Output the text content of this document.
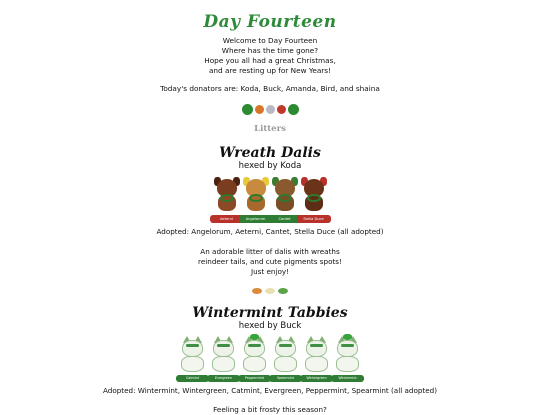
Day Fourteen
Welcome to Day Fourteen
Where has the time gone?
Hope you all had a great Christmas,
and are resting up for New Years!
Today's donators are: Koda, Buck, Amanda, Bird, and shaina
Litters
Wreath Dalis
hexed by Koda
Aeterni	Angelorum	Cantet	Stella Duce
Adopted: Angelorum, Aeterni, Cantet, Stella Duce (all adopted)
An adorable litter of dalis with wreaths
reindeer tails, and cute pigments spots!
Just enjoy!
Wintermint Tabbies
hexed by Buck
Catmint	Evergreen	Peppermint	Spearmint	Wintergreen	Wintermint
Adopted: Wintermint, Wintergreen, Catmint, Evergreen, Peppermint, Spearmint (all adopted)
Feeling a bit frosty this season?
